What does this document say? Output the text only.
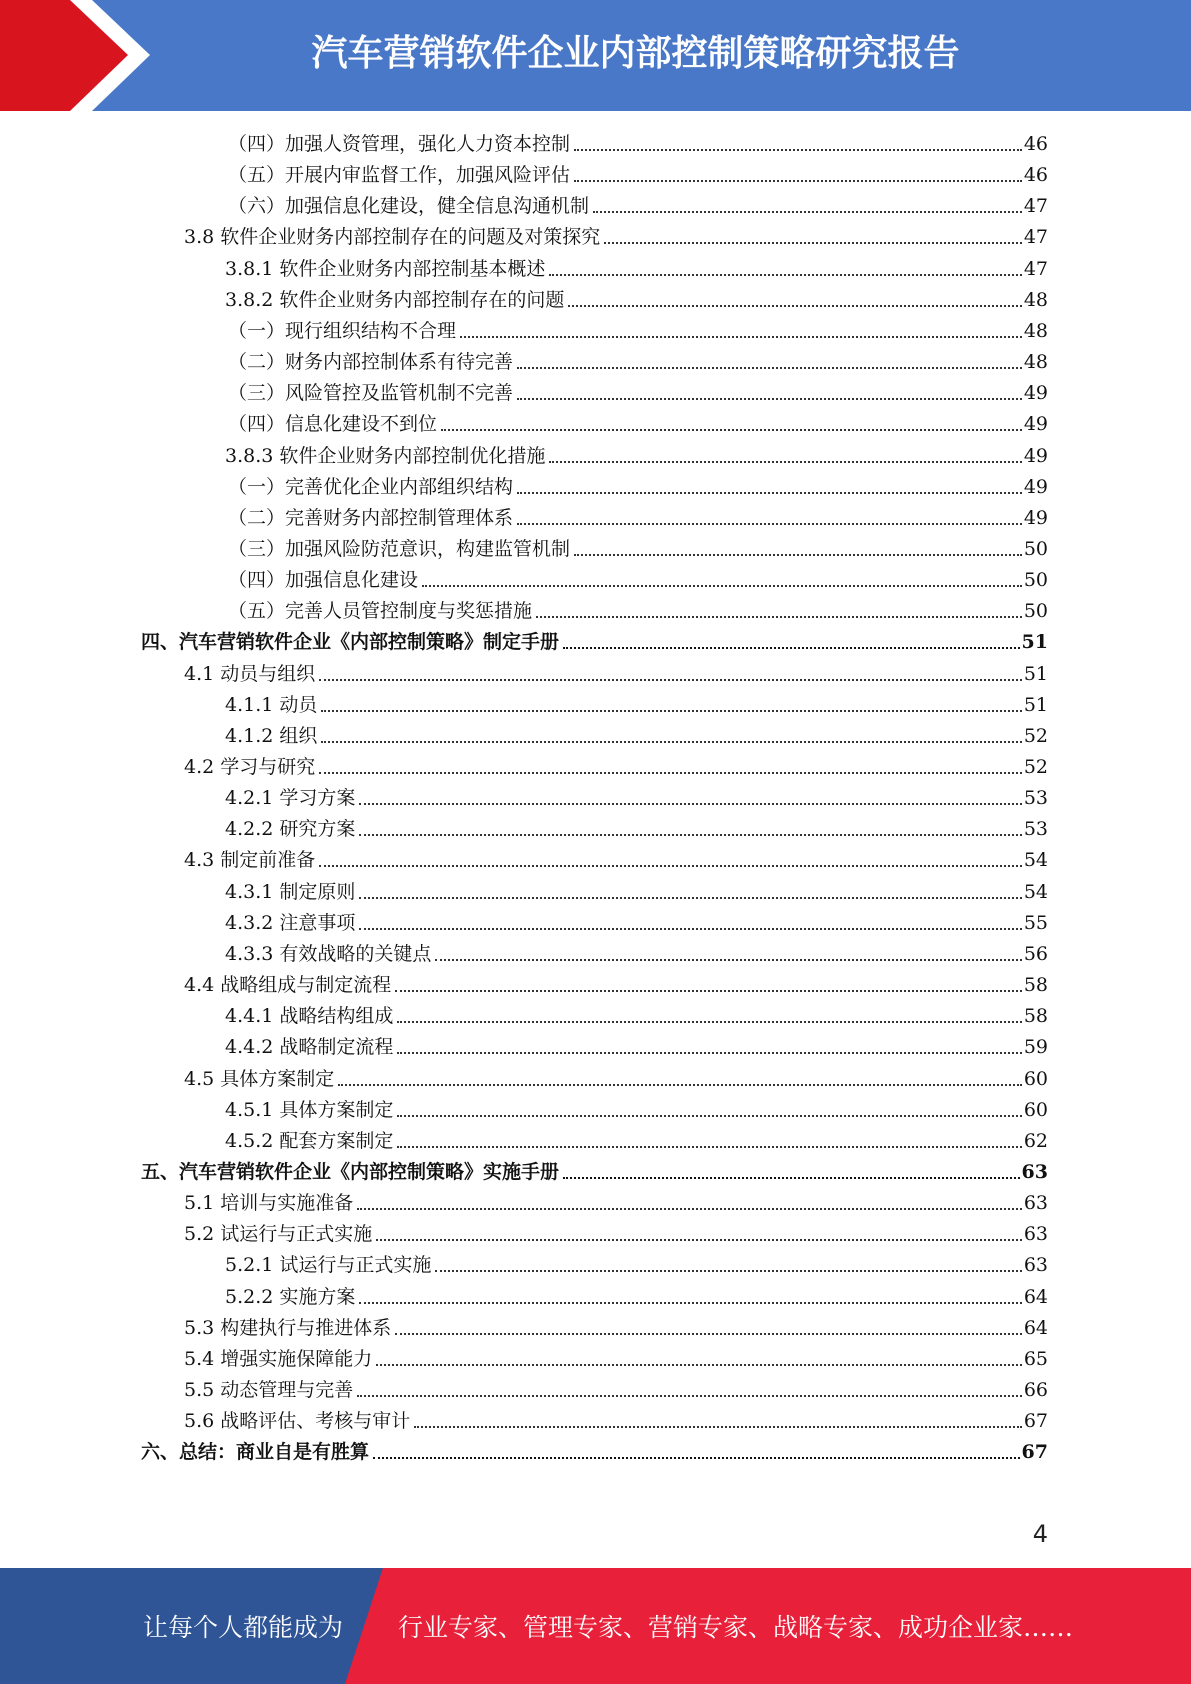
汽车营销软件企业内部控制策略研究报告
（四）加强人资管理，强化人力资本控制	46
（五）开展内审监督工作，加强风险评估	46
（六）加强信息化建设，健全信息沟通机制	47
3.8 软件企业财务内部控制存在的问题及对策探究	47
3.8.1 软件企业财务内部控制基本概述	47
3.8.2 软件企业财务内部控制存在的问题	48
（一）现行组织结构不合理	48
（二）财务内部控制体系有待完善	48
（三）风险管控及监管机制不完善	49
（四）信息化建设不到位	49
3.8.3 软件企业财务内部控制优化措施	49
（一）完善优化企业内部组织结构	49
（二）完善财务内部控制管理体系	49
（三）加强风险防范意识，构建监管机制	50
（四）加强信息化建设	50
（五）完善人员管控制度与奖惩措施	50
四、汽车营销软件企业《内部控制策略》制定手册	51
4.1 动员与组织	51
4.1.1 动员	51
4.1.2 组织	52
4.2 学习与研究	52
4.2.1 学习方案	53
4.2.2 研究方案	53
4.3 制定前准备	54
4.3.1 制定原则	54
4.3.2 注意事项	55
4.3.3 有效战略的关键点	56
4.4 战略组成与制定流程	58
4.4.1 战略结构组成	58
4.4.2 战略制定流程	59
4.5 具体方案制定	60
4.5.1 具体方案制定	60
4.5.2 配套方案制定	62
五、汽车营销软件企业《内部控制策略》实施手册	63
5.1 培训与实施准备	63
5.2 试运行与正式实施	63
5.2.1 试运行与正式实施	63
5.2.2 实施方案	64
5.3 构建执行与推进体系	64
5.4 增强实施保障能力	65
5.5 动态管理与完善	66
5.6 战略评估、考核与审计	67
六、总结：商业自是有胜算	67
4
让每个人都能成为 行业专家、管理专家、营销专家、战略专家、成功企业家……
